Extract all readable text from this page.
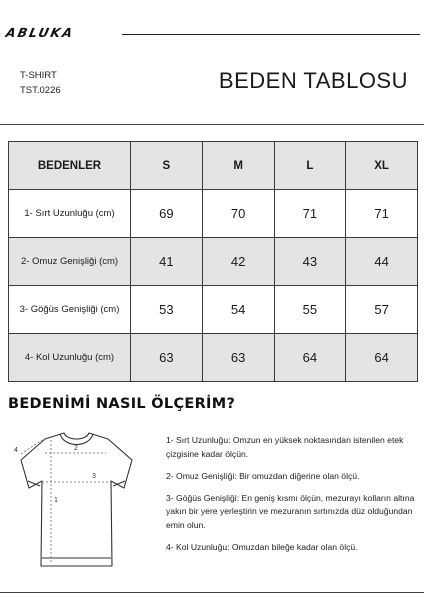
ABLUKA
T-SHIRT
TST.0226	BEDEN TABLOSU
BEDENLER	S	M	L	XL
1- Sırt Uzunluğu (cm)	69	70	71	71
2- Omuz Genişliği (cm)	41	42	43	44
3- Göğüs Genişliği (cm)	53	54	55	57
4- Kol Uzunluğu (cm)	63	63	64	64
BEDENİMİ NASIL ÖLÇERİM?
1
2
3
4

1- Sırt Uzunluğu: Omzun en yüksek noktasından istenilen etek çizgisine kadar ölçün.

2- Omuz Genişliği: Bir omuzdan diğerine olan ölçü.

3- Göğüs Genişliği: En geniş kısmı ölçün, mezurayı kolların altına yakın bir yere yerleştirin ve mezuranın sırtınızda düz olduğundan emin olun.

4- Kol Uzunluğu: Omuzdan bileğe kadar olan ölçü.
